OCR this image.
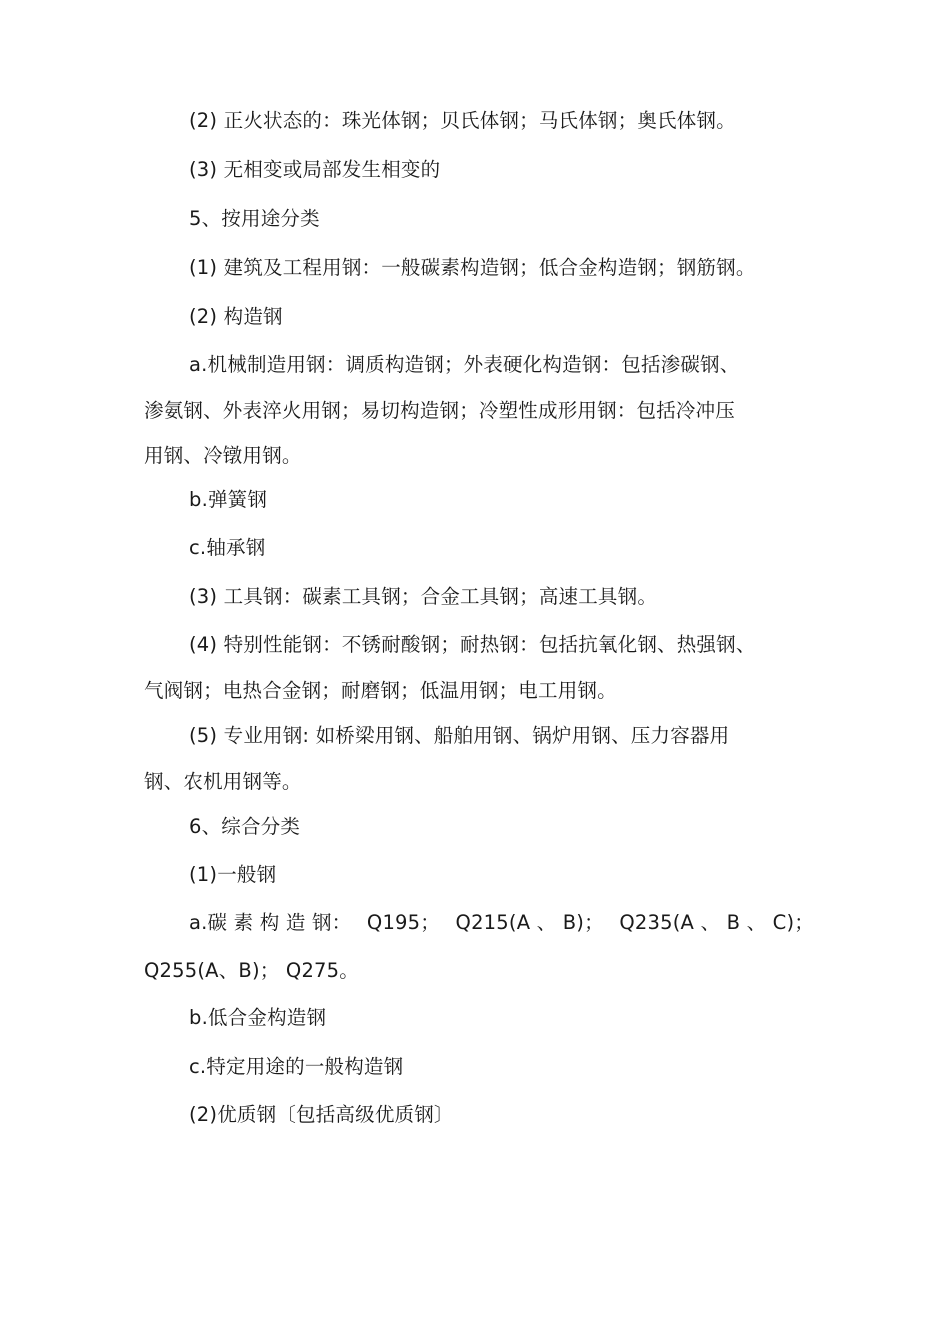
(2) 正火状态的：珠光体钢；贝氏体钢；马氏体钢；奥氏体钢。
(3) 无相变或局部发生相变的
5、按用途分类
(1) 建筑及工程用钢：一般碳素构造钢；低合金构造钢；钢筋钢。
(2) 构造钢
a.机械制造用钢：调质构造钢；外表硬化构造钢：包括渗碳钢、
渗氨钢、外表淬火用钢；易切构造钢；冷塑性成形用钢：包括冷冲压
用钢、冷镦用钢。
b.弹簧钢
c.轴承钢
(3) 工具钢：碳素工具钢；合金工具钢；高速工具钢。
(4) 特别性能钢：不锈耐酸钢；耐热钢：包括抗氧化钢、热强钢、
气阀钢；电热合金钢；耐磨钢；低温用钢；电工用钢。
(5) 专业用钢: 如桥梁用钢、船舶用钢、锅炉用钢、压力容器用
钢、农机用钢等。
6、综合分类
(1)一般钢
a.碳 素 构 造 钢： Q195； Q215(A 、 B)； Q235(A 、 B 、 C)；
Q255(A、B)； Q275。
b.低合金构造钢
c.特定用途的一般构造钢
(2)优质钢〔包括高级优质钢〕
